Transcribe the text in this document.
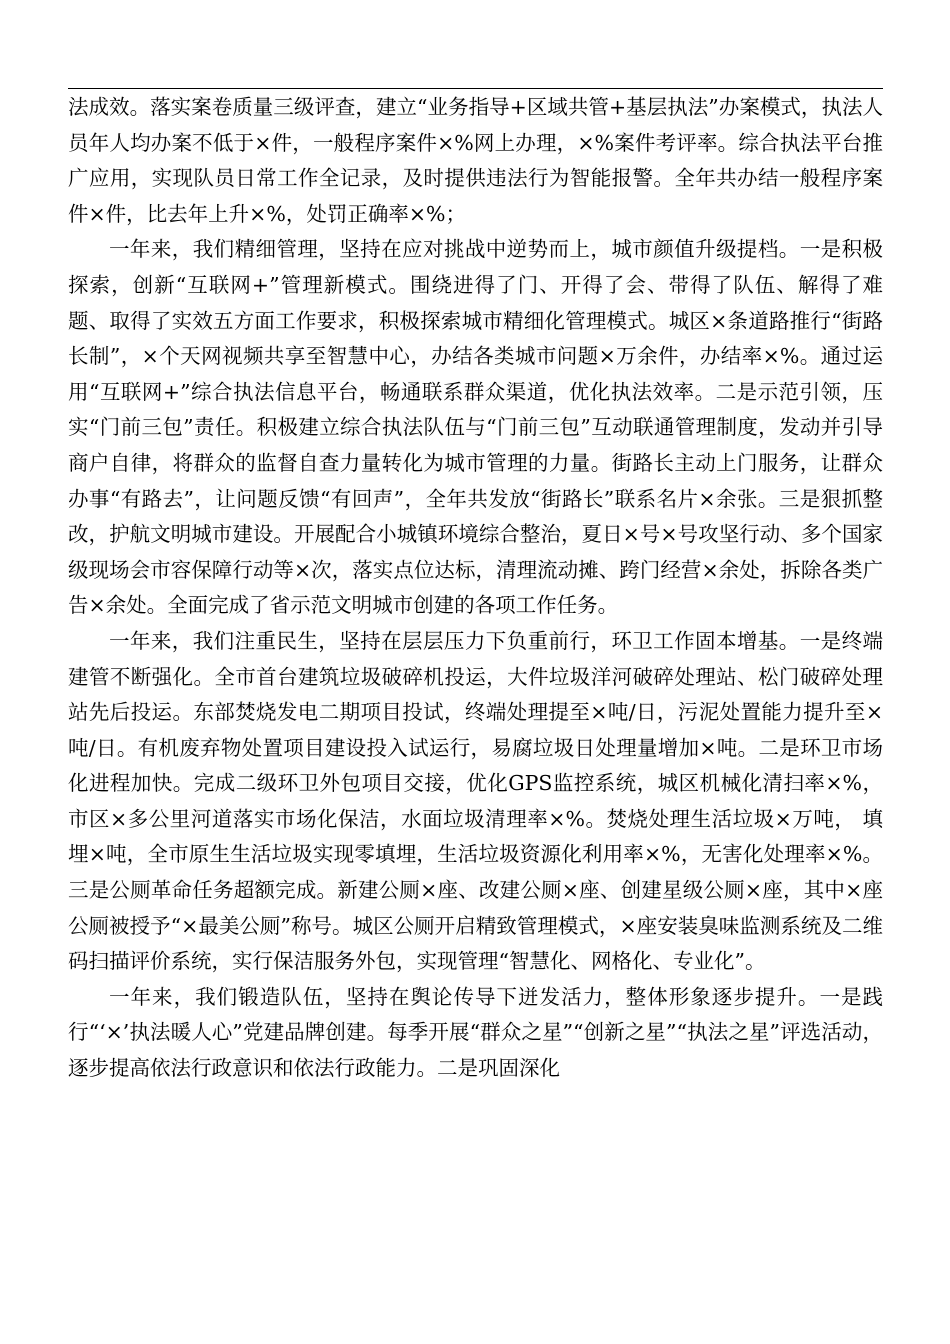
法成效。落实案卷质量三级评查，建立“业务指导+区域共管+基层执法”办案模式，执法人员年人均办案不低于×件，一般程序案件×%网上办理，×%案件考评率。综合执法平台推广应用，实现队员日常工作全记录，及时提供违法行为智能报警。全年共办结一般程序案件×件，比去年上升×%，处罚正确率×%；

一年来，我们精细管理，坚持在应对挑战中逆势而上，城市颜值升级提档。一是积极探索，创新“互联网+”管理新模式。围绕进得了门、开得了会、带得了队伍、解得了难题、取得了实效五方面工作要求，积极探索城市精细化管理模式。城区×条道路推行“街路长制”，×个天网视频共享至智慧中心，办结各类城市问题×万余件，办结率×%。通过运用“互联网+”综合执法信息平台，畅通联系群众渠道，优化执法效率。二是示范引领，压实“门前三包”责任。积极建立综合执法队伍与“门前三包”互动联通管理制度，发动并引导商户自律，将群众的监督自查力量转化为城市管理的力量。街路长主动上门服务，让群众办事“有路去”，让问题反馈“有回声”，全年共发放“街路长”联系名片×余张。三是狠抓整改，护航文明城市建设。开展配合小城镇环境综合整治，夏日×号×号攻坚行动、多个国家级现场会市容保障行动等×次，落实点位达标，清理流动摊、跨门经营×余处，拆除各类广告×余处。全面完成了省示范文明城市创建的各项工作任务。

一年来，我们注重民生，坚持在层层压力下负重前行，环卫工作固本增基。一是终端建管不断强化。全市首台建筑垃圾破碎机投运，大件垃圾洋河破碎处理站、松门破碎处理站先后投运。东部焚烧发电二期项目投试，终端处理提至×吨/日，污泥处置能力提升至×吨/日。有机废弃物处置项目建设投入试运行，易腐垃圾日处理量增加×吨。二是环卫市场化进程加快。完成二级环卫外包项目交接，优化GPS监控系统，城区机械化清扫率×%，市区×多公里河道落实市场化保洁，水面垃圾清理率×%。焚烧处理生活垃圾×万吨， 填埋×吨，全市原生生活垃圾实现零填埋，生活垃圾资源化利用率×%，无害化处理率×%。三是公厕革命任务超额完成。新建公厕×座、改建公厕×座、创建星级公厕×座，其中×座公厕被授予“×最美公厕”称号。城区公厕开启精致管理模式，×座安装臭味监测系统及二维码扫描评价系统，实行保洁服务外包，实现管理“智慧化、网格化、专业化”。

一年来，我们锻造队伍，坚持在舆论传导下迸发活力，整体形象逐步提升。一是践行“‘×’执法暖人心”党建品牌创建。每季开展“群众之星”“创新之星”“执法之星”评选活动，逐步提高依法行政意识和依法行政能力。二是巩固深化
